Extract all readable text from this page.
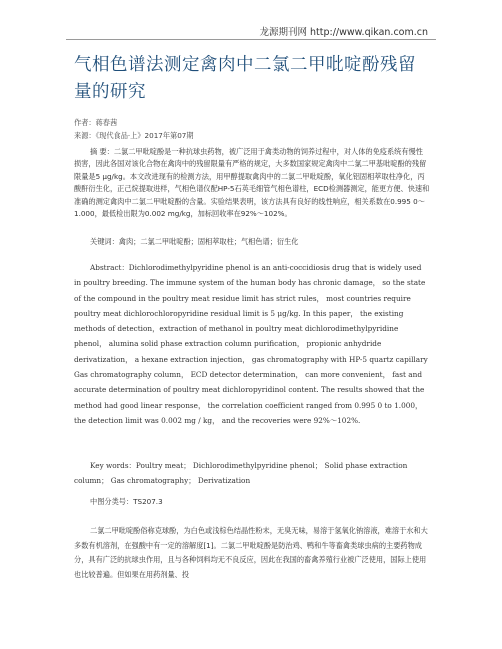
龙源期刊网 http://www.qikan.com.cn
气相色谱法测定禽肉中二氯二甲吡啶酚残留量的研究
作者：蒋春茜
来源：《现代食品·上》2017年第07期
摘 要：二氯二甲吡啶酚是一种抗球虫药物，被广泛用于禽类动物的饲养过程中，对人体的免疫系统有慢性损害，因此各国对该化合物在禽肉中的残留限量有严格的规定，大多数国家规定禽肉中二氯二甲基吡啶酚的残留限量是5 μg/kg。本文改进现有的检测方法，用甲醇提取禽肉中的二氯二甲吡啶酚，氧化铝固相萃取柱净化，丙酸酐衍生化，正己烷提取进样，气相色谱仪配HP-5石英毛细管气相色谱柱，ECD检测器测定，能更方便、快速和准确的测定禽肉中二氯二甲吡啶酚的含量。实验结果表明，该方法具有良好的线性响应，相关系数在0.995 0～1.000，最低检出限为0.002 mg/kg，加标回收率在92%～102%。
关键词：禽肉；二氯二甲吡啶酚；固相萃取柱；气相色谱；衍生化
Abstract：Dichlorodimethylpyridine phenol is an anti-coccidiosis drug that is widely used in poultry breeding. The immune system of the human body has chronic damage， so the state of the compound in the poultry meat residue limit has strict rules， most countries require poultry meat dichlorochloropyridine residual limit is 5 μg/kg. In this paper， the existing methods of detection，extraction of methanol in poultry meat dichlorodimethylpyridine phenol， alumina solid phase extraction column purification， propionic anhydride derivatization， a hexane extraction injection， gas chromatography with HP-5 quartz capillary Gas chromatography column， ECD detector determination， can more convenient， fast and accurate determination of poultry meat dichloropyridinol content. The results showed that the method had good linear response， the correlation coefficient ranged from 0.995 0 to 1.000， the detection limit was 0.002 mg / kg， and the recoveries were 92%～102%.
Key words：Poultry meat； Dichlorodimethylpyridine phenol； Solid phase extraction column； Gas chromatography； Derivatization
中图分类号：TS207.3
二氯二甲吡啶酚俗称克球酚，为白色或浅棕色结晶性粉末，无臭无味，易溶于氢氧化钠溶液，难溶于水和大多数有机溶剂，在强酸中有一定的溶解度[1]。二氯二甲吡啶酚是防治鸡、鸭和牛等畜禽类球虫病的主要药物成分，具有广泛的抗球虫作用，且与各种饲料均无不良反应，因此在我国的畜禽养殖行业被广泛使用，国际上使用也比较普遍。但如果在用药剂量、投
